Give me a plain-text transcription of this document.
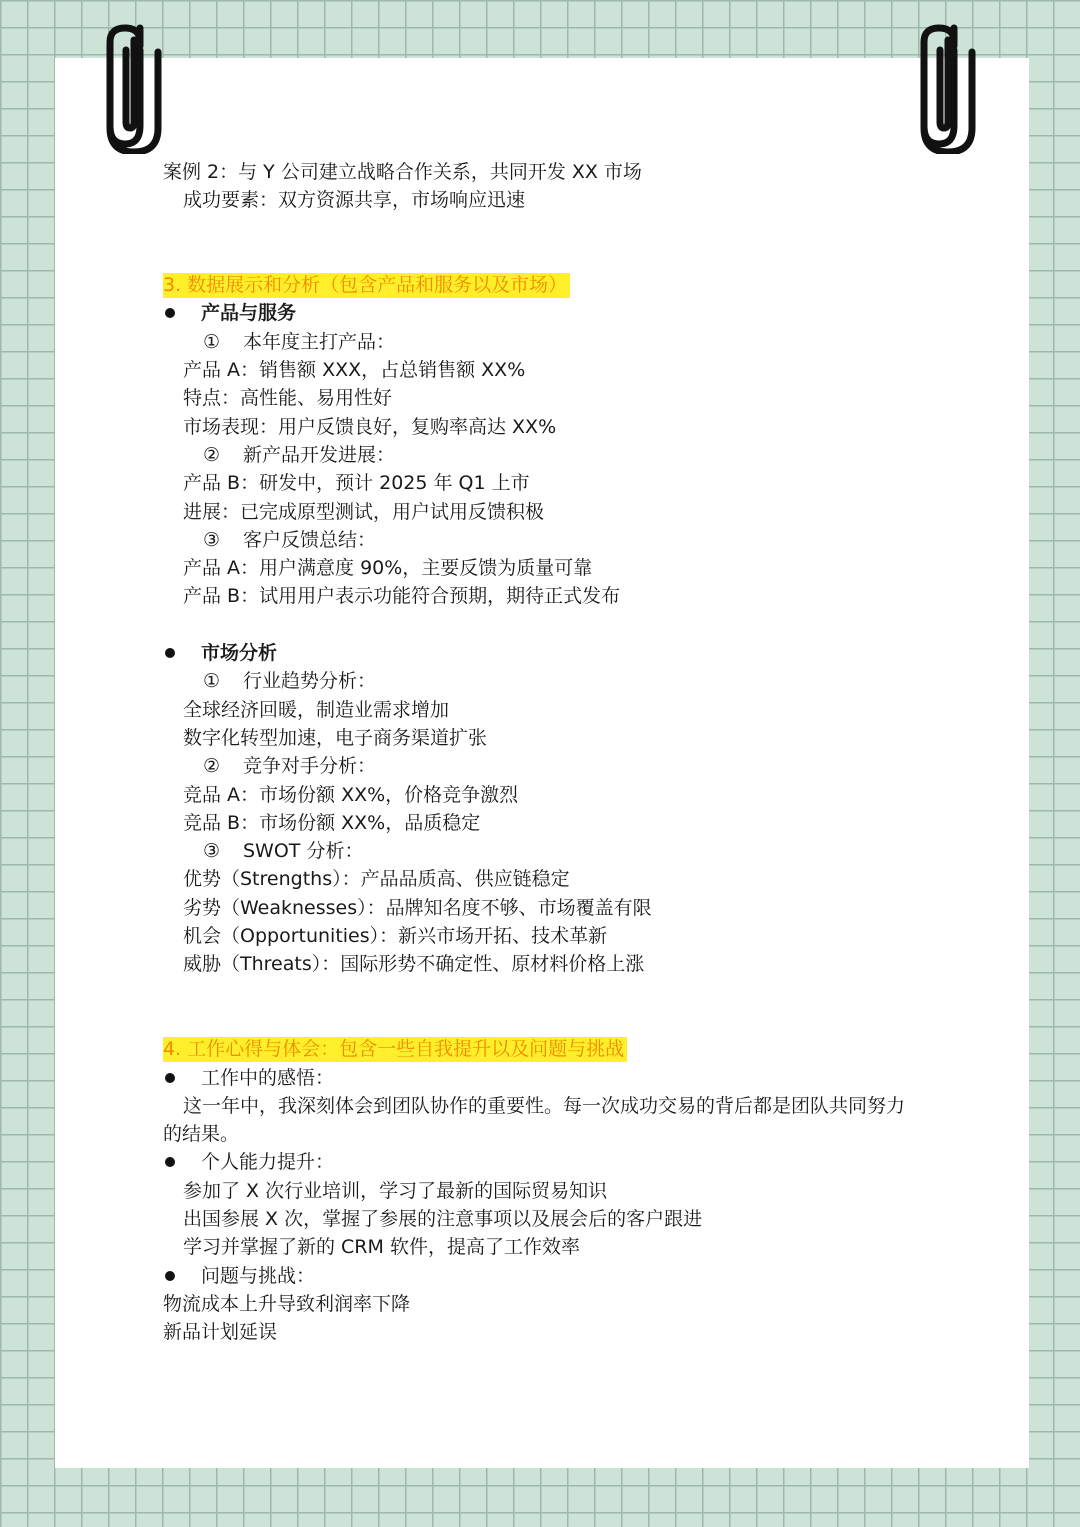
案例 2：与 Y 公司建立战略合作关系，共同开发 XX 市场
成功要素：双方资源共享，市场响应迅速
3. 数据展示和分析（包含产品和服务以及市场）
产品与服务
① 本年度主打产品：
产品 A：销售额 XXX，占总销售额 XX%
特点：高性能、易用性好
市场表现：用户反馈良好，复购率高达 XX%
② 新产品开发进展：
产品 B：研发中，预计 2025 年 Q1 上市
进展：已完成原型测试，用户试用反馈积极
③ 客户反馈总结：
产品 A：用户满意度 90%，主要反馈为质量可靠
产品 B：试用用户表示功能符合预期，期待正式发布
市场分析
① 行业趋势分析：
全球经济回暖，制造业需求增加
数字化转型加速，电子商务渠道扩张
② 竞争对手分析：
竞品 A：市场份额 XX%，价格竞争激烈
竞品 B：市场份额 XX%，品质稳定
③ SWOT 分析：
优势（Strengths）：产品品质高、供应链稳定
劣势（Weaknesses）：品牌知名度不够、市场覆盖有限
机会（Opportunities）：新兴市场开拓、技术革新
威胁（Threats）：国际形势不确定性、原材料价格上涨
4. 工作心得与体会：包含一些自我提升以及问题与挑战
工作中的感悟：
这一年中，我深刻体会到团队协作的重要性。每一次成功交易的背后都是团队共同努力的结果。
个人能力提升：
参加了 X 次行业培训，学习了最新的国际贸易知识
出国参展 X 次，掌握了参展的注意事项以及展会后的客户跟进
学习并掌握了新的 CRM 软件，提高了工作效率
问题与挑战：
物流成本上升导致利润率下降
新品计划延误
